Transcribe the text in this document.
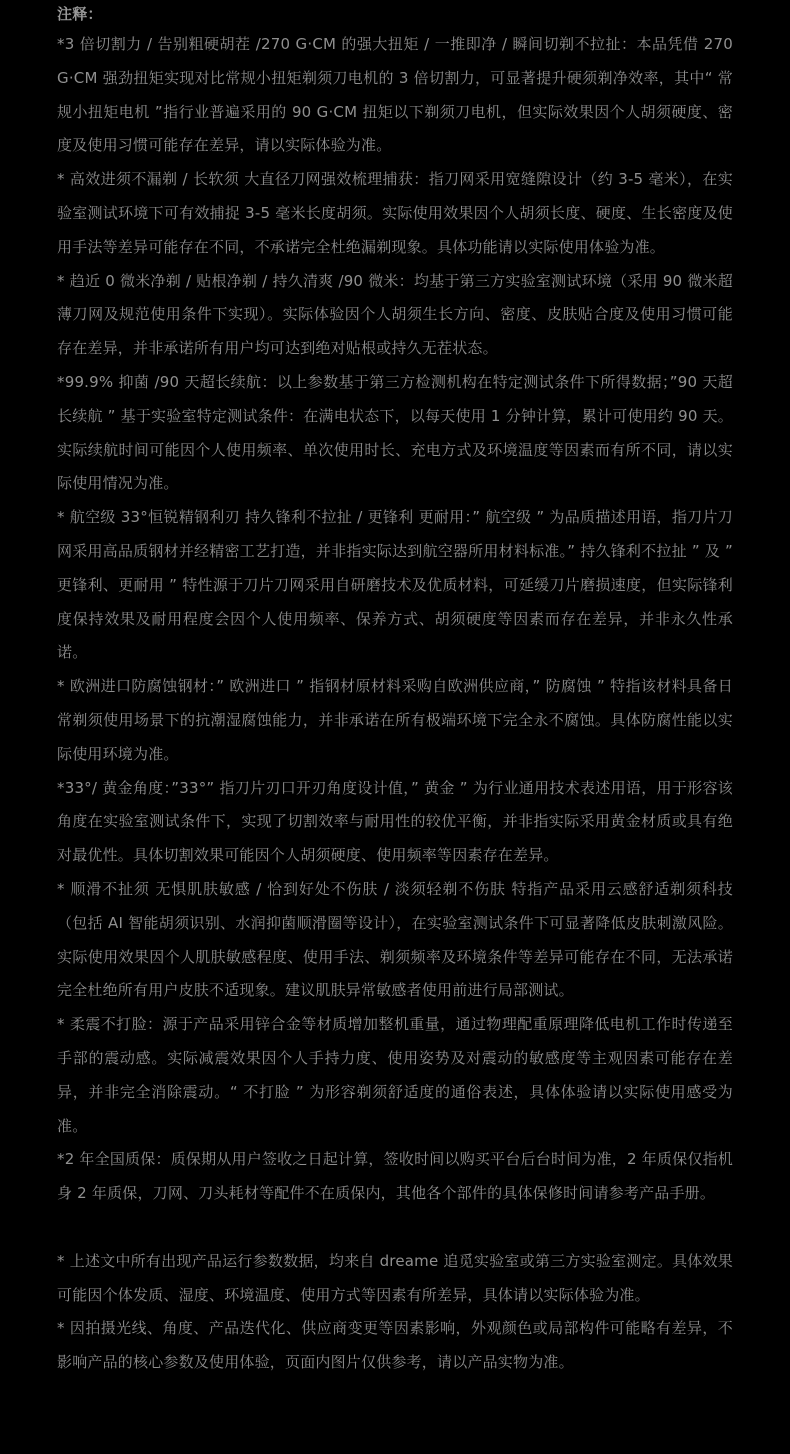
注释：

*3 倍切割力 / 告别粗硬胡茬 /270 G·CM 的强大扭矩 / 一推即净 / 瞬间切剃不拉扯：本品凭借 270 G·CM 强劲扭矩实现对比常规小扭矩剃须刀电机的 3 倍切割力，可显著提升硬须剃净效率，其中“ 常规小扭矩电机 ”指行业普遍采用的 90 G·CM 扭矩以下剃须刀电机，但实际效果因个人胡须硬度、密度及使用习惯可能存在差异，请以实际体验为准。

* 高效进须不漏剃 / 长软须 大直径刀网强效梳理捕获：指刀网采用宽缝隙设计（约 3-5 毫米），在实验室测试环境下可有效捕捉 3-5 毫米长度胡须。实际使用效果因个人胡须长度、硬度、生长密度及使用手法等差异可能存在不同，不承诺完全杜绝漏剃现象。具体功能请以实际使用体验为准。

* 趋近 0 微米净剃 / 贴根净剃 / 持久清爽 /90 微米：均基于第三方实验室测试环境（采用 90 微米超薄刀网及规范使用条件下实现）。实际体验因个人胡须生长方向、密度、皮肤贴合度及使用习惯可能存在差异，并非承诺所有用户均可达到绝对贴根或持久无茬状态。

*99.9% 抑菌 /90 天超长续航：以上参数基于第三方检测机构在特定测试条件下所得数据；”90 天超长续航 ” 基于实验室特定测试条件：在满电状态下，以每天使用 1 分钟计算，累计可使用约 90 天。实际续航时间可能因个人使用频率、单次使用时长、充电方式及环境温度等因素而有所不同，请以实际使用情况为准。

* 航空级 33°恒锐精钢利刃 持久锋利不拉扯 / 更锋利 更耐用：” 航空级 ” 为品质描述用语，指刀片刀网采用高品质钢材并经精密工艺打造，并非指实际达到航空器所用材料标准。” 持久锋利不拉扯 ” 及 ” 更锋利、更耐用 ” 特性源于刀片刀网采用自研磨技术及优质材料，可延缓刀片磨损速度，但实际锋利度保持效果及耐用程度会因个人使用频率、保养方式、胡须硬度等因素而存在差异，并非永久性承诺。

* 欧洲进口防腐蚀钢材：” 欧洲进口 ” 指钢材原材料采购自欧洲供应商，” 防腐蚀 ” 特指该材料具备日常剃须使用场景下的抗潮湿腐蚀能力，并非承诺在所有极端环境下完全永不腐蚀。具体防腐性能以实际使用环境为准。

*33°/ 黄金角度：”33°” 指刀片刃口开刃角度设计值，” 黄金 ” 为行业通用技术表述用语，用于形容该角度在实验室测试条件下，实现了切割效率与耐用性的较优平衡，并非指实际采用黄金材质或具有绝对最优性。具体切割效果可能因个人胡须硬度、使用频率等因素存在差异。

* 顺滑不扯须 无惧肌肤敏感 / 恰到好处不伤肤 / 淡须轻剃不伤肤 特指产品采用云感舒适剃须科技（包括 AI 智能胡须识别、水润抑菌顺滑圈等设计），在实验室测试条件下可显著降低皮肤刺激风险。实际使用效果因个人肌肤敏感程度、使用手法、剃须频率及环境条件等差异可能存在不同，无法承诺完全杜绝所有用户皮肤不适现象。建议肌肤异常敏感者使用前进行局部测试。

* 柔震不打脸：源于产品采用锌合金等材质增加整机重量，通过物理配重原理降低电机工作时传递至手部的震动感。实际减震效果因个人手持力度、使用姿势及对震动的敏感度等主观因素可能存在差异，并非完全消除震动。“ 不打脸 ” 为形容剃须舒适度的通俗表述，具体体验请以实际使用感受为准。

*2 年全国质保：质保期从用户签收之日起计算，签收时间以购买平台后台时间为准，2 年质保仅指机身 2 年质保，刀网、刀头耗材等配件不在质保内，其他各个部件的具体保修时间请参考产品手册。

* 上述文中所有出现产品运行参数数据，均来自 dreame 追觅实验室或第三方实验室测定。具体效果可能因个体发质、湿度、环境温度、使用方式等因素有所差异，具体请以实际体验为准。

* 因拍摄光线、角度、产品迭代化、供应商变更等因素影响，外观颜色或局部构件可能略有差异，不影响产品的核心参数及使用体验，页面内图片仅供参考，请以产品实物为准。
